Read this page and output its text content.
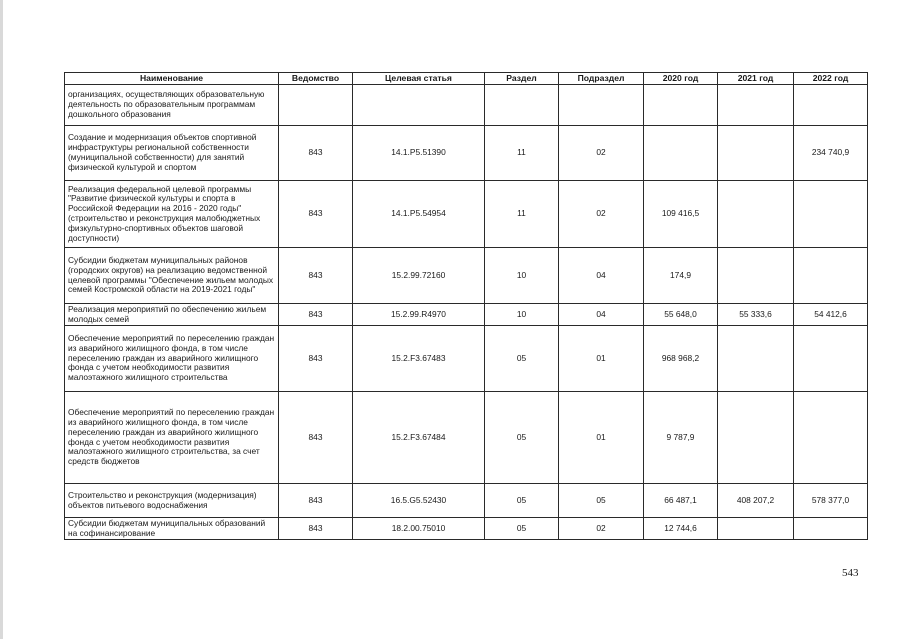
Наименование	Ведомство	Целевая статья	Раздел	Подраздел	2020 год	2021 год	2022 год
организациях, осуществляющих образовательную деятельность по образовательным программам дошкольного образования							
Создание и модернизация объектов спортивной инфраструктуры региональной собственности (муниципальной собственности) для занятий физической культурой и спортом	843	14.1.P5.51390	11	02			234 740,9
Реализация федеральной целевой программы "Развитие физической культуры и спорта в Российской Федерации на 2016 - 2020 годы" (строительство и реконструкция малобюджетных физкультурно-спортивных объектов шаговой доступности)	843	14.1.P5.54954	11	02	109 416,5		
Субсидии бюджетам муниципальных районов (городских округов) на реализацию ведомственной целевой программы "Обеспечение жильем молодых семей Костромской области на 2019-2021 годы"	843	15.2.99.72160	10	04	174,9		
Реализация мероприятий по обеспечению жильем молодых семей	843	15.2.99.R4970	10	04	55 648,0	55 333,6	54 412,6
Обеспечение мероприятий по переселению граждан из аварийного жилищного фонда, в том числе переселению граждан из аварийного жилищного фонда с учетом необходимости развития малоэтажного жилищного строительства	843	15.2.F3.67483	05	01	968 968,2		
Обеспечение мероприятий по переселению граждан из аварийного жилищного фонда, в том числе переселению граждан из аварийного жилищного фонда с учетом необходимости развития малоэтажного жилищного строительства, за счет средств бюджетов	843	15.2.F3.67484	05	01	9 787,9		
Строительство и реконструкция (модернизация) объектов питьевого водоснабжения	843	16.5.G5.52430	05	05	66 487,1	408 207,2	578 377,0
Субсидии бюджетам муниципальных образований на софинансирование	843	18.2.00.75010	05	02	12 744,6		
543
